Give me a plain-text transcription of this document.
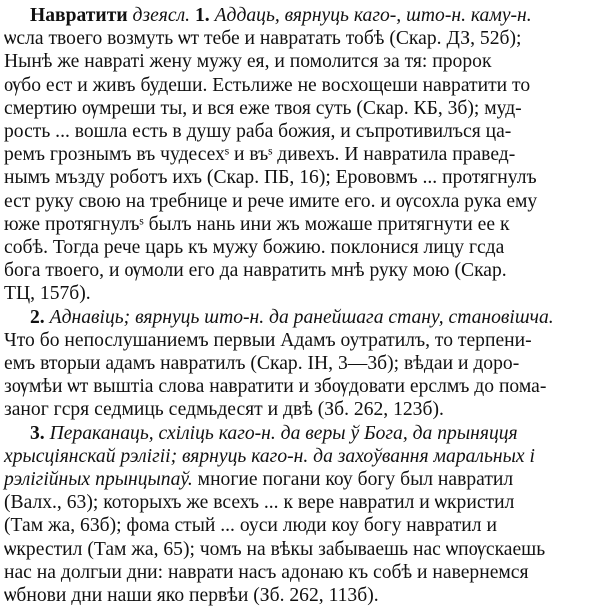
Навратити дзеясл. 1. Аддаць, вярнуць каго-, што-н. каму-н.
ѡсла твоего возмуть ѡт тебе и навратать тобѣ (Скар. ДЗ, 52б);
Нынѣ же навратi жену мужу ея, и помолится за тя: пророк
ѹбо ест и живъ будеши. Естьлиже не восхощеши навратити то
смертию ѹмреши ты, и вся еже твоя суть (Скар. КБ, 3б); муд-
рость ... вошла есть в душу раба божия, и съпротивилъся ца-
ремъ грознымъ въ чудесехˢ и въˢ дивехъ. И навратила правед-
нымъ мъзду роботъ ихъ (Скар. ПБ, 16); Ерововмъ ... протягнулъ
ест руку свою на требнице и рече имите его. и ѹсохла рука ему
юже протягнулъˢ былъ нань ини жъ можаше притягнути ее к
собѣ. Тогда рече царь къ мужу божию. поклонися лицу гсда
бога твоего, и ѹмоли его да навратить мнѣ руку мою (Скар.
ТЦ, 157б).
2. Аднавіць; вярнуць што-н. да ранейшага стану, становішча.
Что бо непослушаниемъ первыи Адамъ оутратилъ, то терпени-
емъ вторыи адамъ навратилъ (Скар. IН, 3—3б); вѣдаи и доро-
зѹмѣи ѡт выштiа слова навратити и збѹдовати ерслмъ до пома-
заног гсря седмиць седмьдесят и двѣ (Зб. 262, 123б).
3. Пераканаць, схіліць каго-н. да веры ў Бога, да прыняцця
хрысціянскай рэлігіі; вярнуць каго-н. да захоўвання маральных і
рэлігійных прынцыпаў. многие погани коу богу был навратил
(Валх., 63); которыхъ же всехъ ... к вере навратил и ѡкристил
(Там жа, 63б); фома стый ... оуси люди коу богу навратил и
ѡкрестил (Там жа, 65); чомъ на вѣкы забываешь нас ѡпѹскаешь
нас на долгыи дни: наврати насъ адонаю къ собѣ и навернемся
ѡбнови дни наши яко первѣи (Зб. 262, 113б).
